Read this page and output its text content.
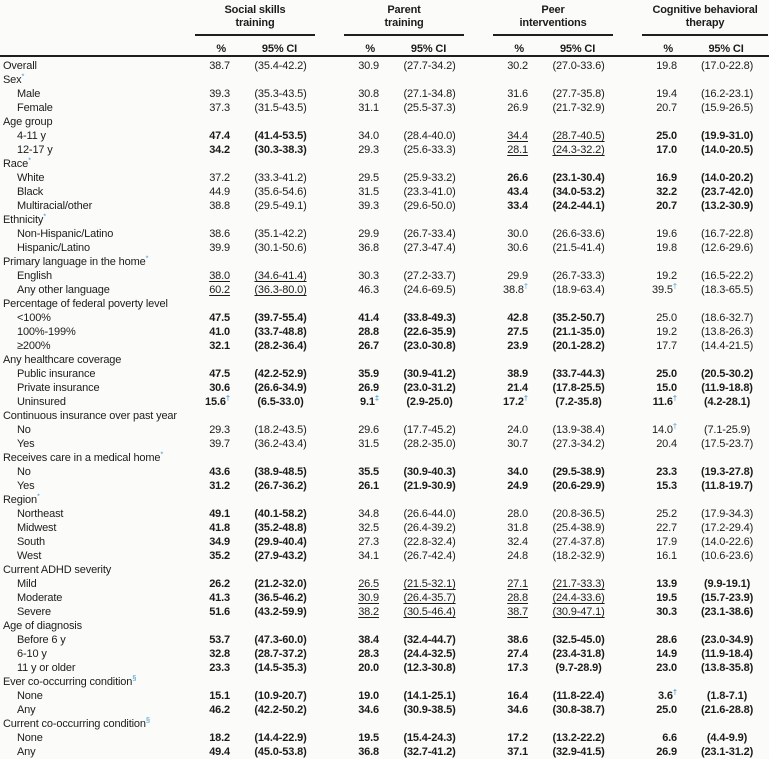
	Social skills
training		Parent
training		Peer
interventions		Cognitive behavioral
therapy	

	%	95% CI	%	95% CI	%	95% CI	%	95% CI
Overall	38.7	(35.4-42.2)	30.9	(27.7-34.2)	30.2	(27.0-33.6)	19.8	(17.0-22.8)
Sex*	
Male	39.3	(35.3-43.5)	30.8	(27.1-34.8)	31.6	(27.7-35.8)	19.4	(16.2-23.1)
Female	37.3	(31.5-43.5)	31.1	(25.5-37.3)	26.9	(21.7-32.9)	20.7	(15.9-26.5)
Age group								
4-11 y	47.4	(41.4-53.5)	34.0	(28.4-40.0)	34.4	(28.7-40.5)	25.0	(19.9-31.0)
12-17 y	34.2	(30.3-38.3)	29.3	(25.6-33.3)	28.1	(24.3-32.2)	17.0	(14.0-20.5)
Race*	
White	37.2	(33.3-41.2)	29.5	(25.9-33.2)	26.6	(23.1-30.4)	16.9	(14.0-20.2)
Black	44.9	(35.6-54.6)	31.5	(23.3-41.0)	43.4	(34.0-53.2)	32.2	(23.7-42.0)
Multiracial/other	38.8	(29.5-49.1)	39.3	(29.6-50.0)	33.4	(24.2-44.1)	20.7	(13.2-30.9)
Ethnicity*	
Non-Hispanic/Latino	38.6	(35.1-42.2)	29.9	(26.7-33.4)	30.0	(26.6-33.6)	19.6	(16.7-22.8)
Hispanic/Latino	39.9	(30.1-50.6)	36.8	(27.3-47.4)	30.6	(21.5-41.4)	19.8	(12.6-29.6)
Primary language in the home*	
English	38.0	(34.6-41.4)	30.3	(27.2-33.7)	29.9	(26.7-33.3)	19.2	(16.5-22.2)
Any other language	60.2	(36.3-80.0)	46.3	(24.6-69.5)	38.8†	(18.9-63.4)	39.5†	(18.3-65.5)
Percentage of federal poverty level								
<100%	47.5	(39.7-55.4)	41.4	(33.8-49.3)	42.8	(35.2-50.7)	25.0	(18.6-32.7)
100%-199%	41.0	(33.7-48.8)	28.8	(22.6-35.9)	27.5	(21.1-35.0)	19.2	(13.8-26.3)
≥200%	32.1	(28.2-36.4)	26.7	(23.0-30.8)	23.9	(20.1-28.2)	17.7	(14.4-21.5)
Any healthcare coverage								
Public insurance	47.5	(42.2-52.9)	35.9	(30.9-41.2)	38.9	(33.7-44.3)	25.0	(20.5-30.2)
Private insurance	30.6	(26.6-34.9)	26.9	(23.0-31.2)	21.4	(17.8-25.5)	15.0	(11.9-18.8)
Uninsured	15.6†	(6.5-33.0)	9.1‡	(2.9-25.0)	17.2†	(7.2-35.8)	11.6†	(4.2-28.1)
Continuous insurance over past year								
No	29.3	(18.2-43.5)	29.6	(17.7-45.2)	24.0	(13.9-38.4)	14.0†	(7.1-25.9)
Yes	39.7	(36.2-43.4)	31.5	(28.2-35.0)	30.7	(27.3-34.2)	20.4	(17.5-23.7)
Receives care in a medical home*	
No	43.6	(38.9-48.5)	35.5	(30.9-40.3)	34.0	(29.5-38.9)	23.3	(19.3-27.8)
Yes	31.2	(26.7-36.2)	26.1	(21.9-30.9)	24.9	(20.6-29.9)	15.3	(11.8-19.7)
Region*	
Northeast	49.1	(40.1-58.2)	34.8	(26.6-44.0)	28.0	(20.8-36.5)	25.2	(17.9-34.3)
Midwest	41.8	(35.2-48.8)	32.5	(26.4-39.2)	31.8	(25.4-38.9)	22.7	(17.2-29.4)
South	34.9	(29.9-40.4)	27.3	(22.8-32.4)	32.4	(27.4-37.8)	17.9	(14.0-22.6)
West	35.2	(27.9-43.2)	34.1	(26.7-42.4)	24.8	(18.2-32.9)	16.1	(10.6-23.6)
Current ADHD severity								
Mild	26.2	(21.2-32.0)	26.5	(21.5-32.1)	27.1	(21.7-33.3)	13.9	(9.9-19.1)
Moderate	41.3	(36.5-46.2)	30.9	(26.4-35.7)	28.8	(24.4-33.6)	19.5	(15.7-23.9)
Severe	51.6	(43.2-59.9)	38.2	(30.5-46.4)	38.7	(30.9-47.1)	30.3	(23.1-38.6)
Age of diagnosis								
Before 6 y	53.7	(47.3-60.0)	38.4	(32.4-44.7)	38.6	(32.5-45.0)	28.6	(23.0-34.9)
6-10 y	32.8	(28.7-37.2)	28.3	(24.4-32.5)	27.4	(23.4-31.8)	14.9	(11.9-18.4)
11 y or older	23.3	(14.5-35.3)	20.0	(12.3-30.8)	17.3	(9.7-28.9)	23.0	(13.8-35.8)
Ever co-occurring condition§	
None	15.1	(10.9-20.7)	19.0	(14.1-25.1)	16.4	(11.8-22.4)	3.6†	(1.8-7.1)
Any	46.2	(42.2-50.2)	34.6	(30.9-38.5)	34.6	(30.8-38.7)	25.0	(21.6-28.8)
Current co-occurring condition§	
None	18.2	(14.4-22.9)	19.5	(15.4-24.3)	17.2	(13.2-22.2)	6.6	(4.4-9.9)
Any	49.4	(45.0-53.8)	36.8	(32.7-41.2)	37.1	(32.9-41.5)	26.9	(23.1-31.2)
